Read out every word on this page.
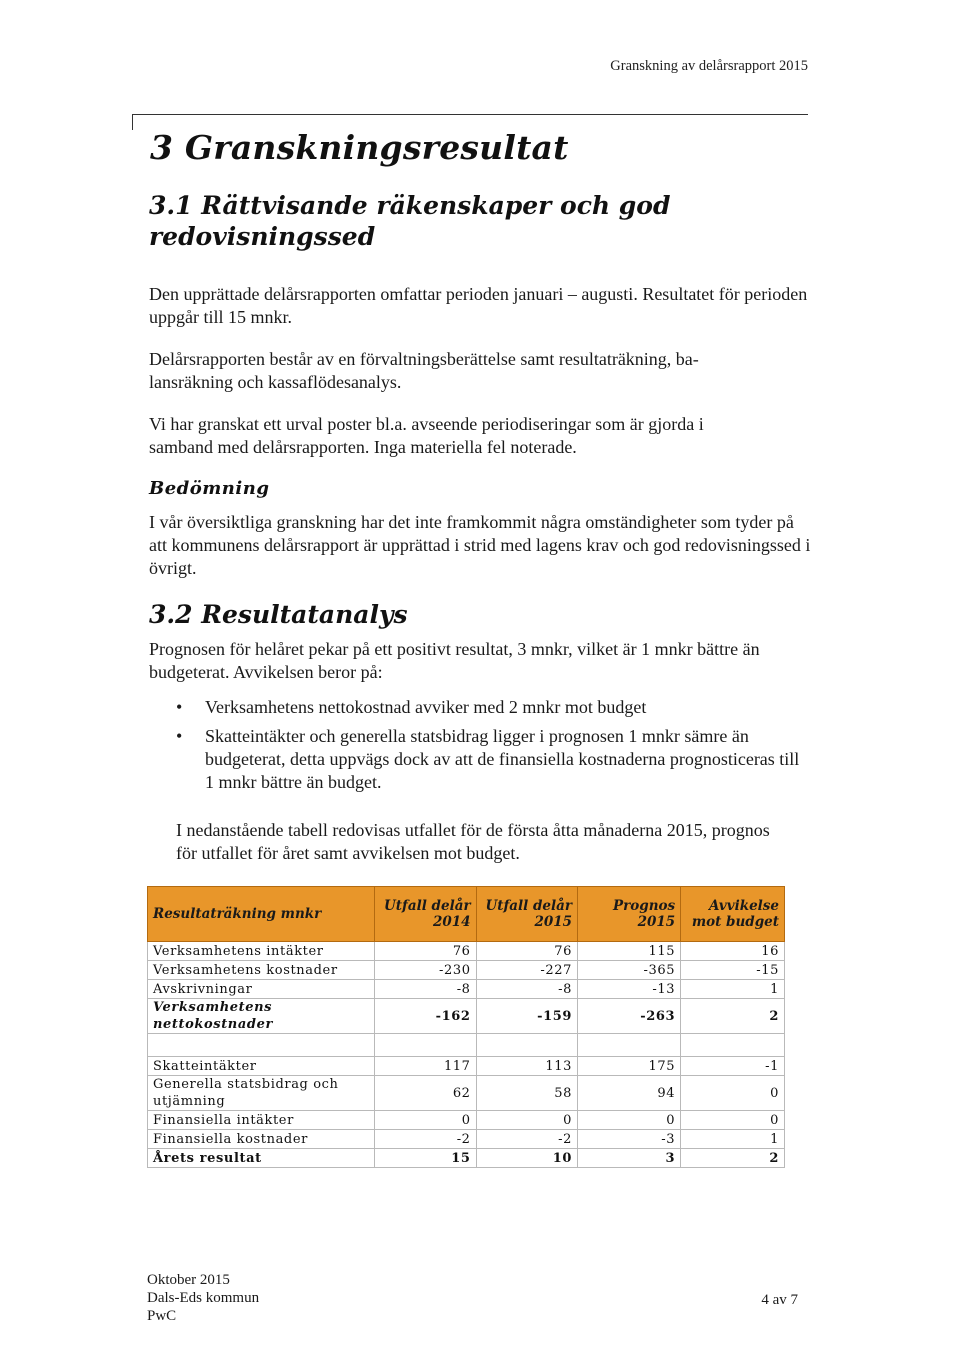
Granskning av delårsrapport 2015
3 Granskningsresultat
3.1 Rättvisande räkenskaper och god redovisningssed

Den upprättade delårsrapporten omfattar perioden januari – augusti. Resultatet för perioden uppgår till 15 mnkr.

Delårsrapporten består av en förvaltningsberättelse samt resultaträkning, ba-lansräkning och kassaflödesanalys.

Vi har granskat ett urval poster bl.a. avseende periodiseringar som är gjorda i samband med delårsrapporten. Inga materiella fel noterade.

Bedömning

I vår översiktliga granskning har det inte framkommit några omständigheter som tyder på att kommunens delårsrapport är upprättad i strid med lagens krav och god redovisningssed i övrigt.

3.2 Resultatanalys

Prognosen för helåret pekar på ett positivt resultat, 3 mnkr, vilket är 1 mnkr bättre än budgeterat. Avvikelsen beror på:

• Verksamhetens nettokostnad avviker med 2 mnkr mot budget
• Skatteintäkter och generella statsbidrag ligger i prognosen 1 mnkr sämre än budgeterat, detta uppvägs dock av att de finansiella kostnaderna prognosticeras till 1 mnkr bättre än budget.

I nedanstående tabell redovisas utfallet för de första åtta månaderna 2015, prognos för utfallet för året samt avvikelsen mot budget.

Resultaträkning mnkr	Utfall delår 2014	Utfall delår 2015	Prognos 2015	Avvikelse mot budget
Verksamhetens intäkter	76	76	115	16
Verksamhetens kostnader	-230	-227	-365	-15
Avskrivningar	-8	-8	-13	1
Verksamhetens nettokostnader	-162	-159	-263	2

Skatteintäkter	117	113	175	-1
Generella statsbidrag och utjämning	62	58	94	0
Finansiella intäkter	0	0	0	0
Finansiella kostnader	-2	-2	-3	1
Årets resultat	15	10	3	2
Oktober 2015
Dals-Eds kommun
PwC
4 av 7
